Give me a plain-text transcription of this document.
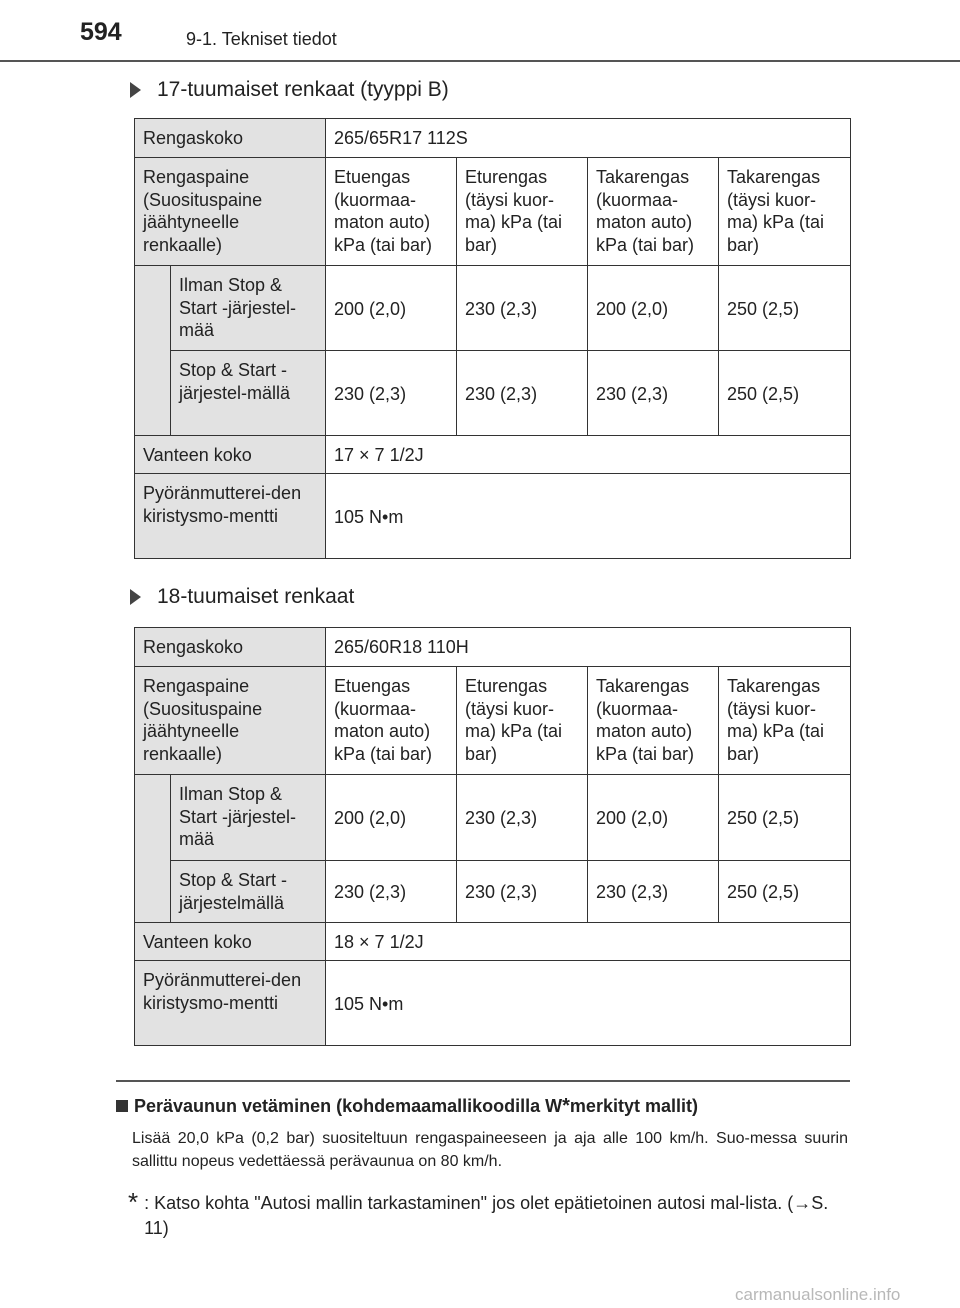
594	9-1. Tekniset tiedot
17-tuumaiset renkaat (tyyppi B)
Rengaskoko		265/65R17 112S			
Rengaspaine (Suosituspaine jäähtyneelle renkaalle)		Etuengas (kuormaa-maton auto) kPa (tai bar)	Eturengas (täysi kuor-ma) kPa (tai bar)	Takarengas (kuormaa-maton auto) kPa (tai bar)	Takarengas (täysi kuor-ma) kPa (tai bar)
	Ilman Stop & Start -järjestel-mää	200 (2,0)	230 (2,3)	200 (2,0)	250 (2,5)
	Stop & Start -järjestel-mällä	230 (2,3)	230 (2,3)	230 (2,3)	250 (2,5)
Vanteen koko		17 × 7 1/2J			
Pyöränmutterei-den kiristysmo-mentti		105 N•m			
18-tuumaiset renkaat
Rengaskoko		265/60R18 110H			
Rengaspaine (Suosituspaine jäähtyneelle renkaalle)		Etuengas (kuormaa-maton auto) kPa (tai bar)	Eturengas (täysi kuor-ma) kPa (tai bar)	Takarengas (kuormaa-maton auto) kPa (tai bar)	Takarengas (täysi kuor-ma) kPa (tai bar)
	Ilman Stop & Start -järjestel-mää	200 (2,0)	230 (2,3)	200 (2,0)	250 (2,5)
	Stop & Start -järjestelmällä	230 (2,3)	230 (2,3)	230 (2,3)	250 (2,5)
Vanteen koko		18 × 7 1/2J			
Pyöränmutterei-den kiristysmo-mentti		105 N•m			
Perävaunun vetäminen (kohdemaamallikoodilla W * merkityt mallit)
Lisää 20,0 kPa (0,2 bar) suositeltuun rengaspaineeseen ja aja alle 100 km/h. Suo-messa suurin sallittu nopeus vedettäessä perävaunua on 80 km/h.
* : Katso kohta "Autosi mallin tarkastaminen" jos olet epätietoinen autosi mal-lista. (→S. 11)
carmanualsonline.info
